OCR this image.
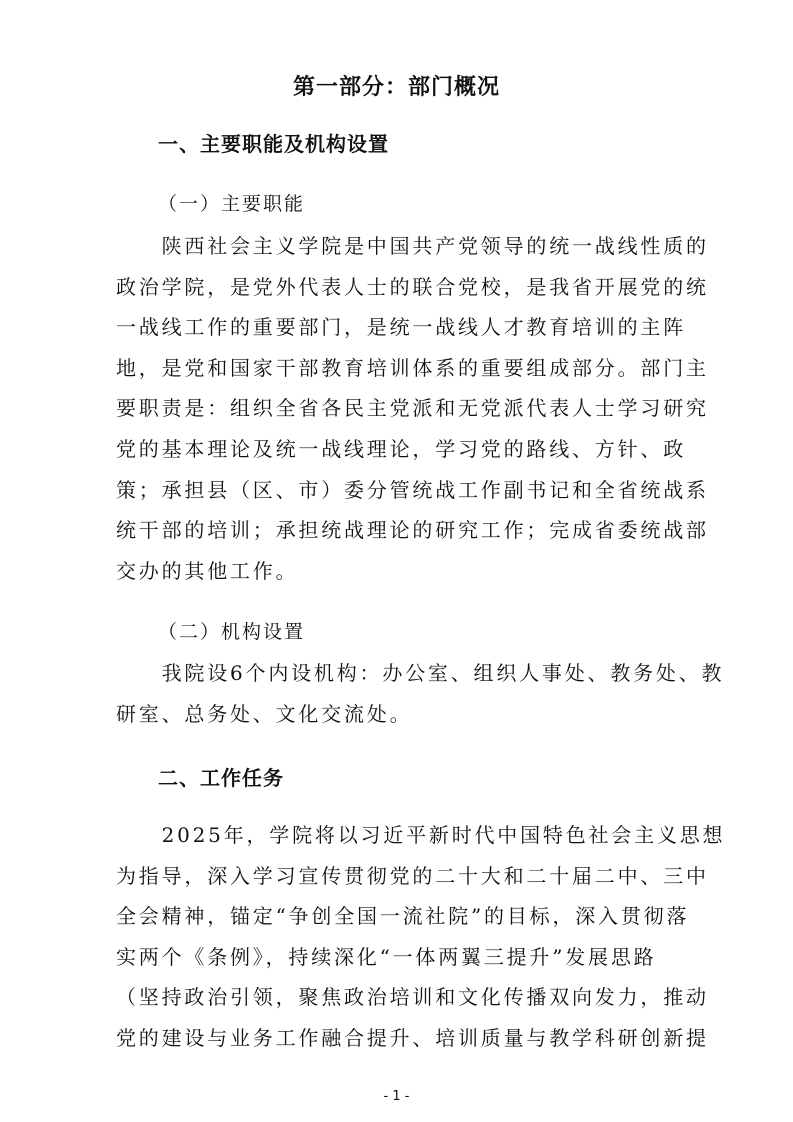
第一部分：部门概况
一、主要职能及机构设置
（一）主要职能
　　陕西社会主义学院是中国共产党领导的统一战线性质的
政治学院，是党外代表人士的联合党校，是我省开展党的统
一战线工作的重要部门，是统一战线人才教育培训的主阵
地，是党和国家干部教育培训体系的重要组成部分。部门主
要职责是：组织全省各民主党派和无党派代表人士学习研究
党的基本理论及统一战线理论，学习党的路线、方针、政
策；承担县（区、市）委分管统战工作副书记和全省统战系
统干部的培训；承担统战理论的研究工作；完成省委统战部
交办的其他工作。
（二）机构设置
　　我院设6个内设机构：办公室、组织人事处、教务处、教
研室、总务处、文化交流处。
二、工作任务
　　2025年，学院将以习近平新时代中国特色社会主义思想
为指导，深入学习宣传贯彻党的二十大和二十届二中、三中
全会精神，锚定“争创全国一流社院”的目标，深入贯彻落
实两个《条例》，持续深化“一体两翼三提升”发展思路
（坚持政治引领，聚焦政治培训和文化传播双向发力，推动
党的建设与业务工作融合提升、培训质量与教学科研创新提
- 1 -
